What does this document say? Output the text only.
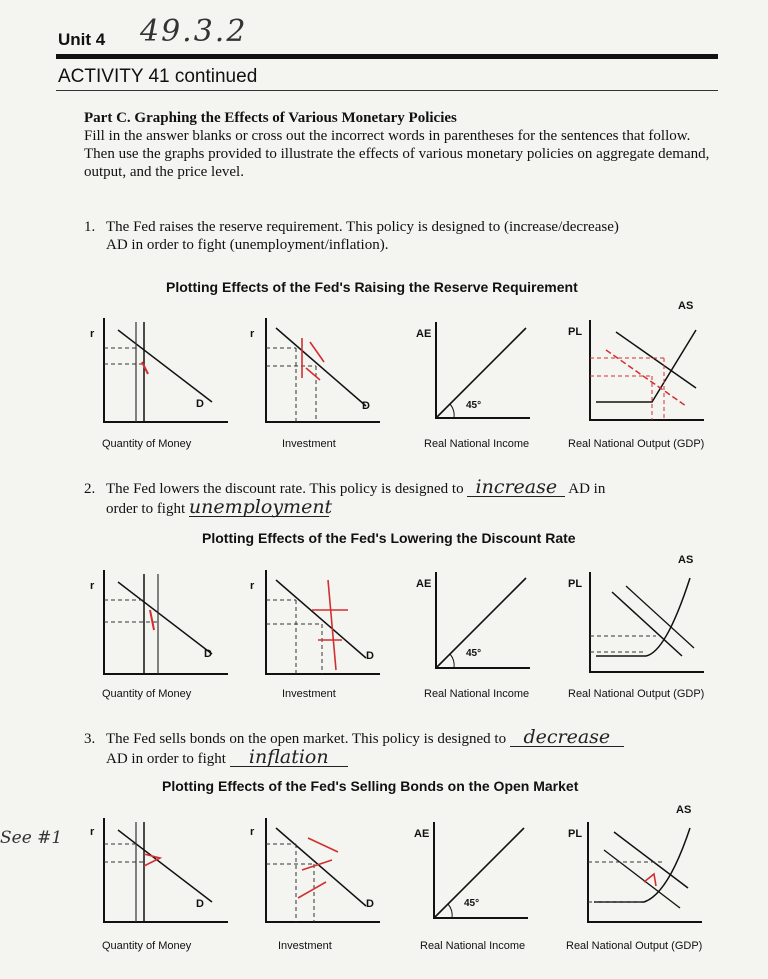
Unit 4 49.3.2
ACTIVITY 41 continued
Part C. Graphing the Effects of Various Monetary Policies
Fill in the answer blanks or cross out the incorrect words in parentheses for the sentences that follow. Then use the graphs provided to illustrate the effects of various monetary policies on aggregate demand, output, and the price level.
1. The Fed raises the reserve requirement. This policy is designed to (increase/decrease)
AD in order to fight (unemployment/inflation).
Plotting Effects of the Fed's Raising the Reserve Requirement
2. The Fed lowers the discount rate. This policy is designed to increase AD in
order to fight unemployment
Plotting Effects of the Fed's Lowering the Discount Rate
3. The Fed sells bonds on the open market. This policy is designed to decrease
AD in order to fight inflation
Plotting Effects of the Fed's Selling Bonds on the Open Market
See #1
r
D
Quantity of Money
r
D
Investment
AE
45°
Real National Income
PL
AS
Real National Output (GDP)
r
D
Quantity of Money
r
D
Investment
AE
45°
Real National Income
PL
AS
Real National Output (GDP)
r
D
Quantity of Money
r
D
Investment
AE
45°
Real National Income
PL
AS
Real National Output (GDP)
